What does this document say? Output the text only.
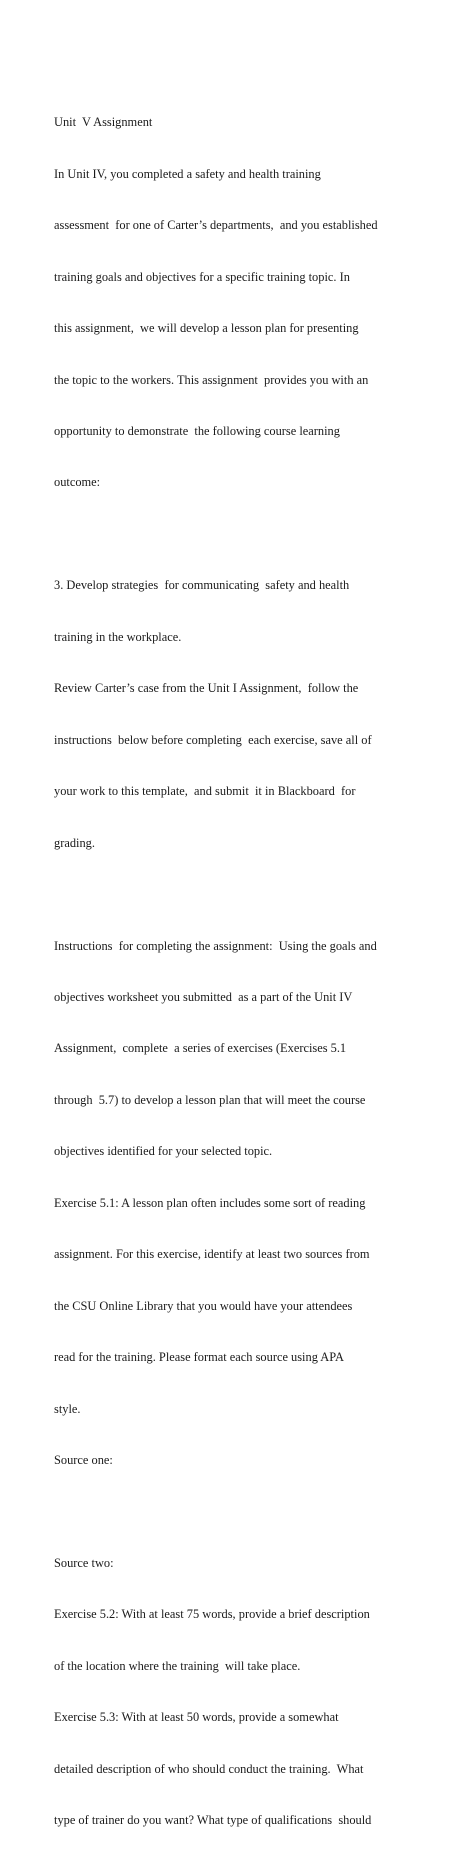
Unit  V Assignment

In Unit IV, you completed a safety and health training

assessment  for one of Carter’s departments,  and you established

training goals and objectives for a specific training topic. In

this assignment,  we will develop a lesson plan for presenting

the topic to the workers. This assignment  provides you with an

opportunity to demonstrate  the following course learning

outcome:

3. Develop strategies  for communicating  safety and health

training in the workplace.

Review Carter’s case from the Unit I Assignment,  follow the

instructions  below before completing  each exercise, save all of

your work to this template,  and submit  it in Blackboard  for

grading.

Instructions  for completing the assignment:  Using the goals and

objectives worksheet you submitted  as a part of the Unit IV

Assignment,  complete  a series of exercises (Exercises 5.1

through  5.7) to develop a lesson plan that will meet the course

objectives identified for your selected topic.

Exercise 5.1: A lesson plan often includes some sort of reading

assignment. For this exercise, identify at least two sources from

the CSU Online Library that you would have your attendees

read for the training. Please format each source using APA

style.

Source one:

Source two:

Exercise 5.2: With at least 75 words, provide a brief description

of the location where the training  will take place.

Exercise 5.3: With at least 50 words, provide a somewhat

detailed description of who should conduct the training.  What

type of trainer do you want? What type of qualifications  should
